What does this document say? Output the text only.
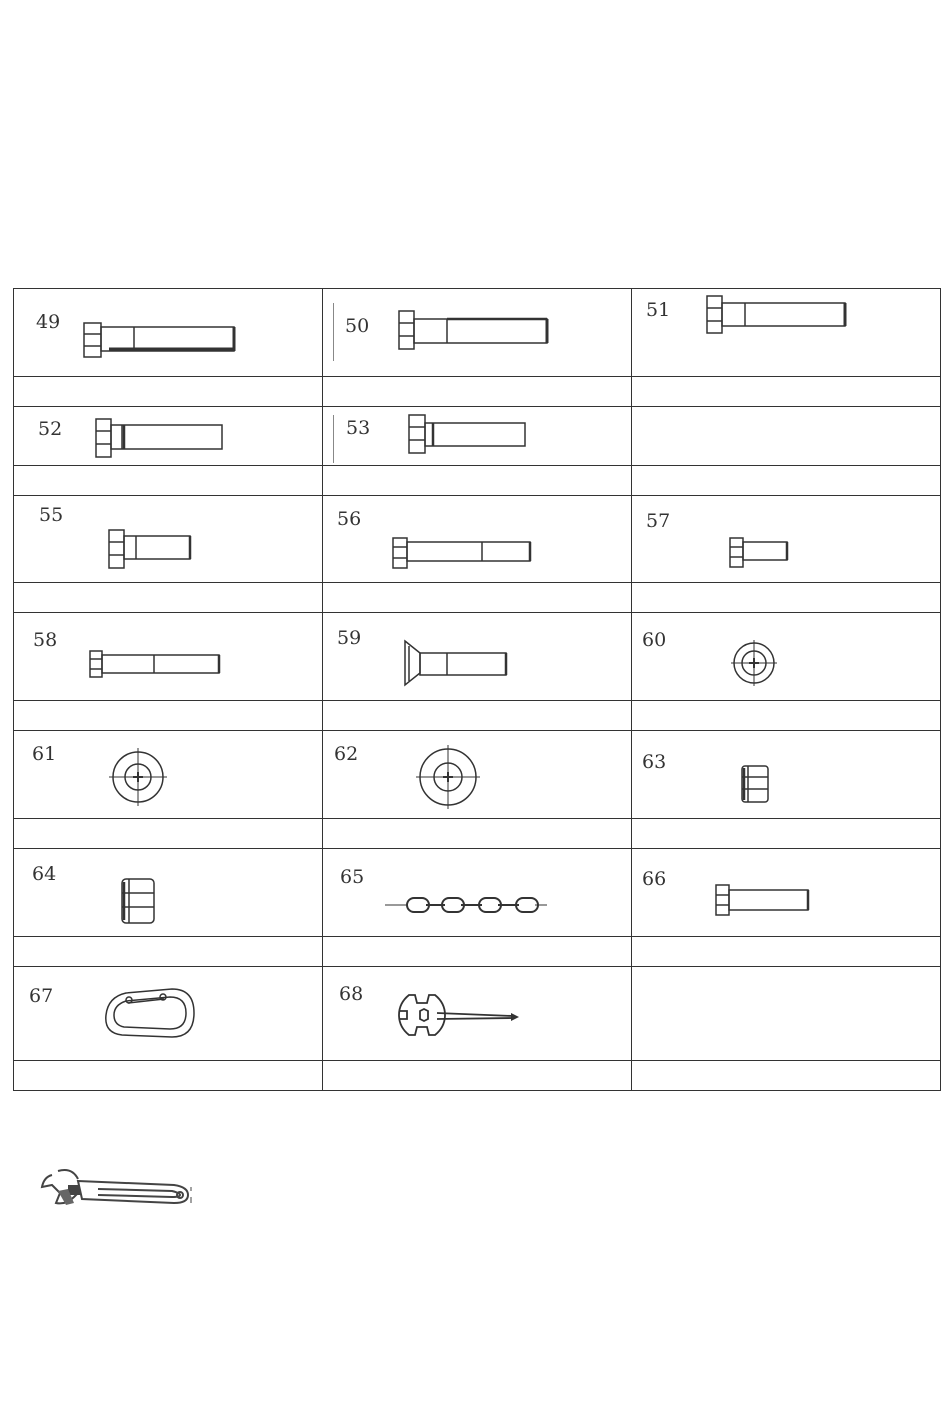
49	50	51

52	53	

55	56	57

58	59	60

61	62	63

64	65	66

67	68	
